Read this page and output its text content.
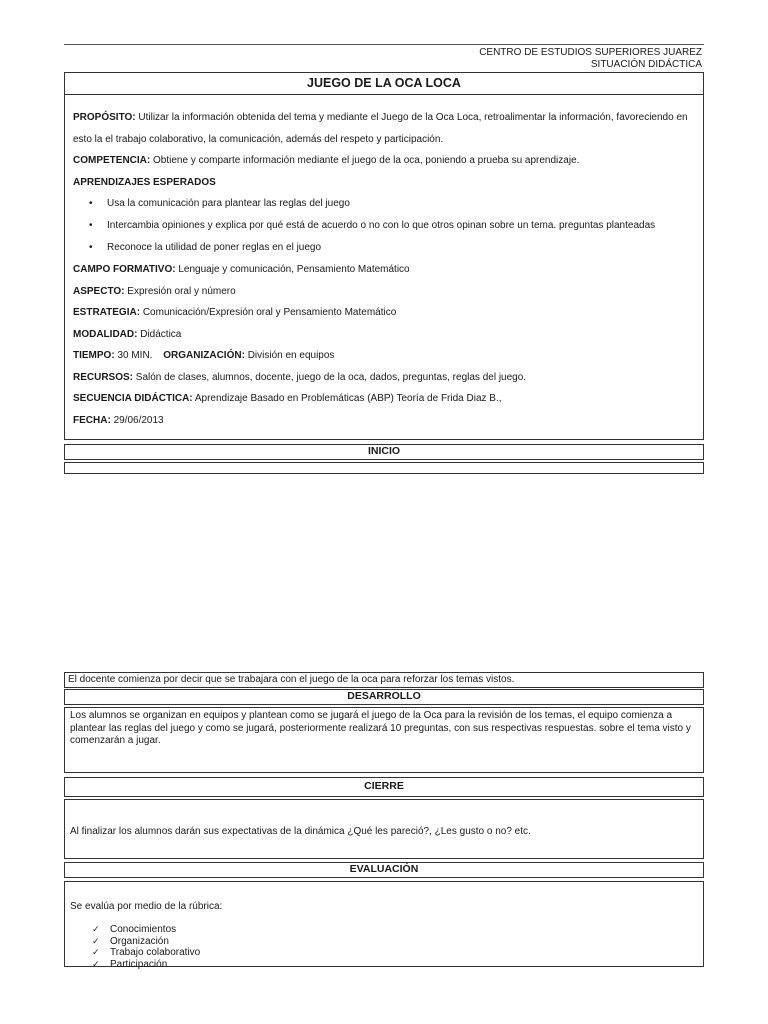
CENTRO DE ESTUDIOS SUPERIORES JUAREZ
SITUACIÓN DIDÁCTICA
JUEGO DE LA OCA LOCA

PROPÓSITO: Utilizar la información obtenida del tema y mediante el Juego de la Oca Loca, retroalimentar la información, favoreciendo en esto la el trabajo colaborativo, la comunicación, además del respeto y participación.

COMPETENCIA: Obtiene y comparte información mediante el juego de la oca, poniendo a prueba su aprendizaje.

APRENDIZAJES ESPERADOS

• Usa la comunicación para plantear las reglas del juego
• Intercambia opiniones y explica por qué está de acuerdo o no con lo que otros opinan sobre un tema. preguntas planteadas
• Reconoce la utilidad de poner reglas en el juego

CAMPO FORMATIVO: Lenguaje y comunicación, Pensamiento Matemático

ASPECTO: Expresión oral y número

ESTRATEGIA: Comunicación/Expresión oral y Pensamiento Matemático

MODALIDAD: Didáctica

TIEMPO: 30 MIN. ORGANIZACIÓN: División en equipos

RECURSOS: Salón de clases, alumnos, docente, juego de la oca, dados, preguntas, reglas del juego.

SECUENCIA DIDÁCTICA: Aprendizaje Basado en Problemáticas (ABP) Teoría de Frida Diaz B.,

FECHA: 29/06/2013

INICIO
El docente comienza por decir que se trabajara con el juego de la oca para reforzar los temas vistos.
DESARROLLO

Los alumnos se organizan en equipos y plantean como se jugará el juego de la Oca para la revisión de los temas, el equipo comienza a plantear las reglas del juego y como se jugará, posteriormente realizará 10 preguntas, con sus respectivas respuestas. sobre el tema visto y comenzarán a jugar.

CIERRE

Al finalizar los alumnos darán sus expectativas de la dinámica ¿Qué les pareció?, ¿Les gusto o no? etc.

EVALUACIÓN

Se evalúa por medio de la rúbrica:

✓ Conocimientos
✓ Organización
✓ Trabajo colaborativo
✓ Participación
